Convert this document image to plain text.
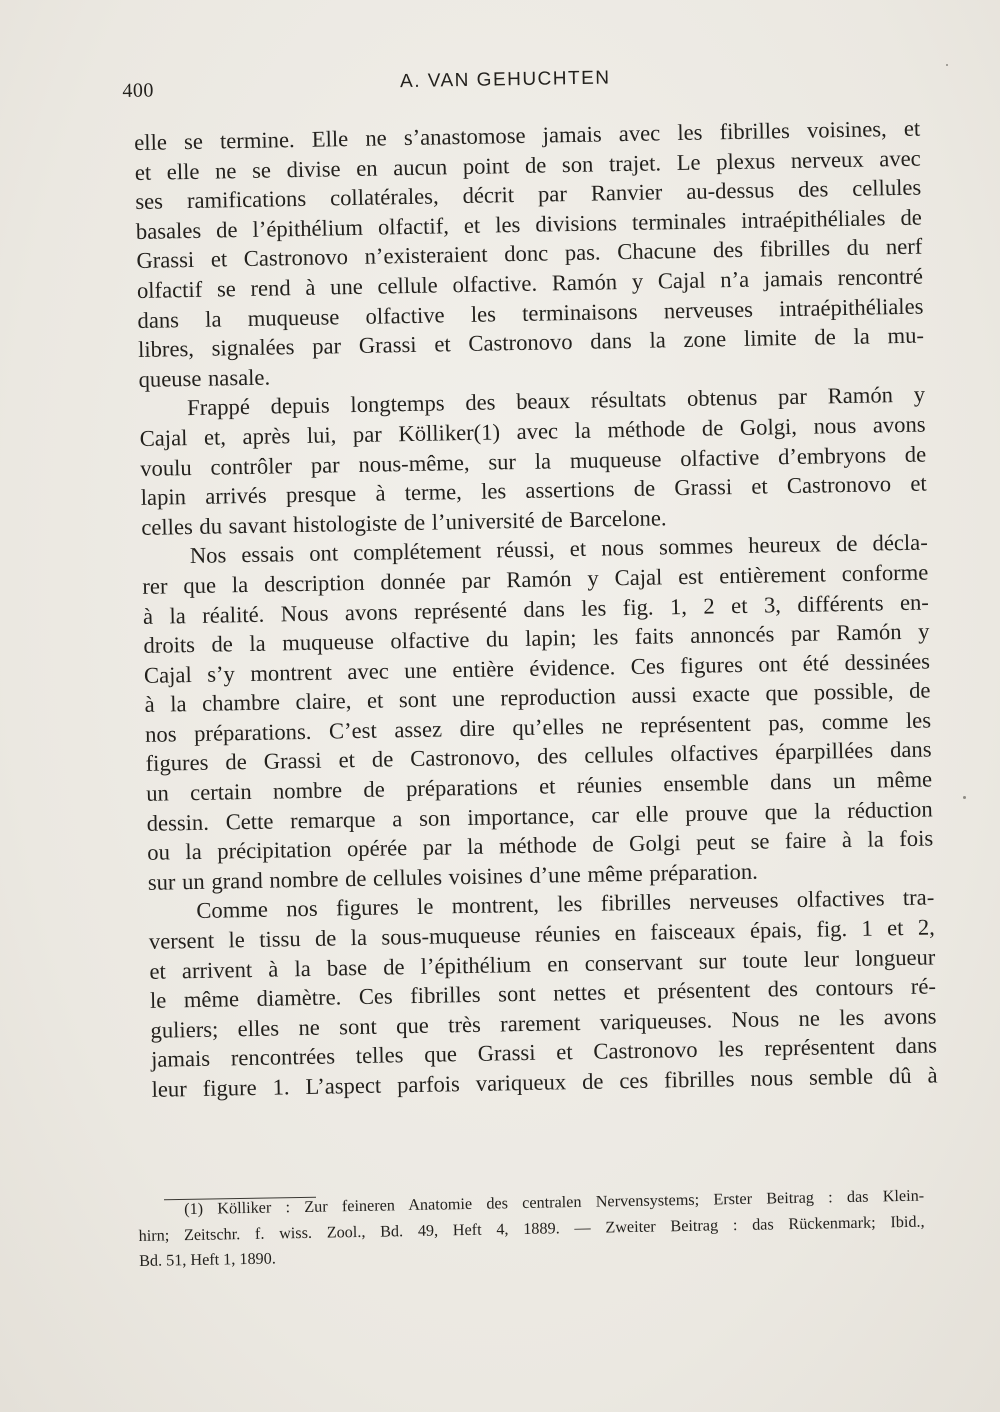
400	A. VAN GEHUCHTEN
elle se termine. Elle ne s’anastomose jamais avec les fibrilles voisines, et
et elle ne se divise en aucun point de son trajet. Le plexus nerveux avec
ses ramifications collatérales, décrit par Ranvier au-dessus des cellules
basales de l’épithélium olfactif, et les divisions terminales intraépithéliales de
Grassi et Castronovo n’existeraient donc pas. Chacune des fibrilles du nerf
olfactif se rend à une cellule olfactive. Ramón y Cajal n’a jamais rencontré
dans la muqueuse olfactive les terminaisons nerveuses intraépithéliales
libres, signalées par Grassi et Castronovo dans la zone limite de la mu-
queuse nasale.
Frappé depuis longtemps des beaux résultats obtenus par Ramón y
Cajal et, après lui, par Kölliker(1) avec la méthode de Golgi, nous avons
voulu contrôler par nous-même, sur la muqueuse olfactive d’embryons de
lapin arrivés presque à terme, les assertions de Grassi et Castronovo et
celles du savant histologiste de l’université de Barcelone.
Nos essais ont complétement réussi, et nous sommes heureux de décla-
rer que la description donnée par Ramón y Cajal est entièrement conforme
à la réalité. Nous avons représenté dans les fig. 1, 2 et 3, différents en-
droits de la muqueuse olfactive du lapin; les faits annoncés par Ramón y
Cajal s’y montrent avec une entière évidence. Ces figures ont été dessinées
à la chambre claire, et sont une reproduction aussi exacte que possible, de
nos préparations. C’est assez dire qu’elles ne représentent pas, comme les
figures de Grassi et de Castronovo, des cellules olfactives éparpillées dans
un certain nombre de préparations et réunies ensemble dans un même
dessin. Cette remarque a son importance, car elle prouve que la réduction
ou la précipitation opérée par la méthode de Golgi peut se faire à la fois
sur un grand nombre de cellules voisines d’une même préparation.
Comme nos figures le montrent, les fibrilles nerveuses olfactives tra-
versent le tissu de la sous-muqueuse réunies en faisceaux épais, fig. 1 et 2,
et arrivent à la base de l’épithélium en conservant sur toute leur longueur
le même diamètre. Ces fibrilles sont nettes et présentent des contours ré-
guliers; elles ne sont que très rarement variqueuses. Nous ne les avons
jamais rencontrées telles que Grassi et Castronovo les représentent dans
leur figure 1. L’aspect parfois variqueux de ces fibrilles nous semble dû à
(1) Kölliker : Zur feineren Anatomie des centralen Nervensystems; Erster Beitrag : das Klein-
hirn; Zeitschr. f. wiss. Zool., Bd. 49, Heft 4, 1889. — Zweiter Beitrag : das Rückenmark; Ibid.,
Bd. 51, Heft 1, 1890.
